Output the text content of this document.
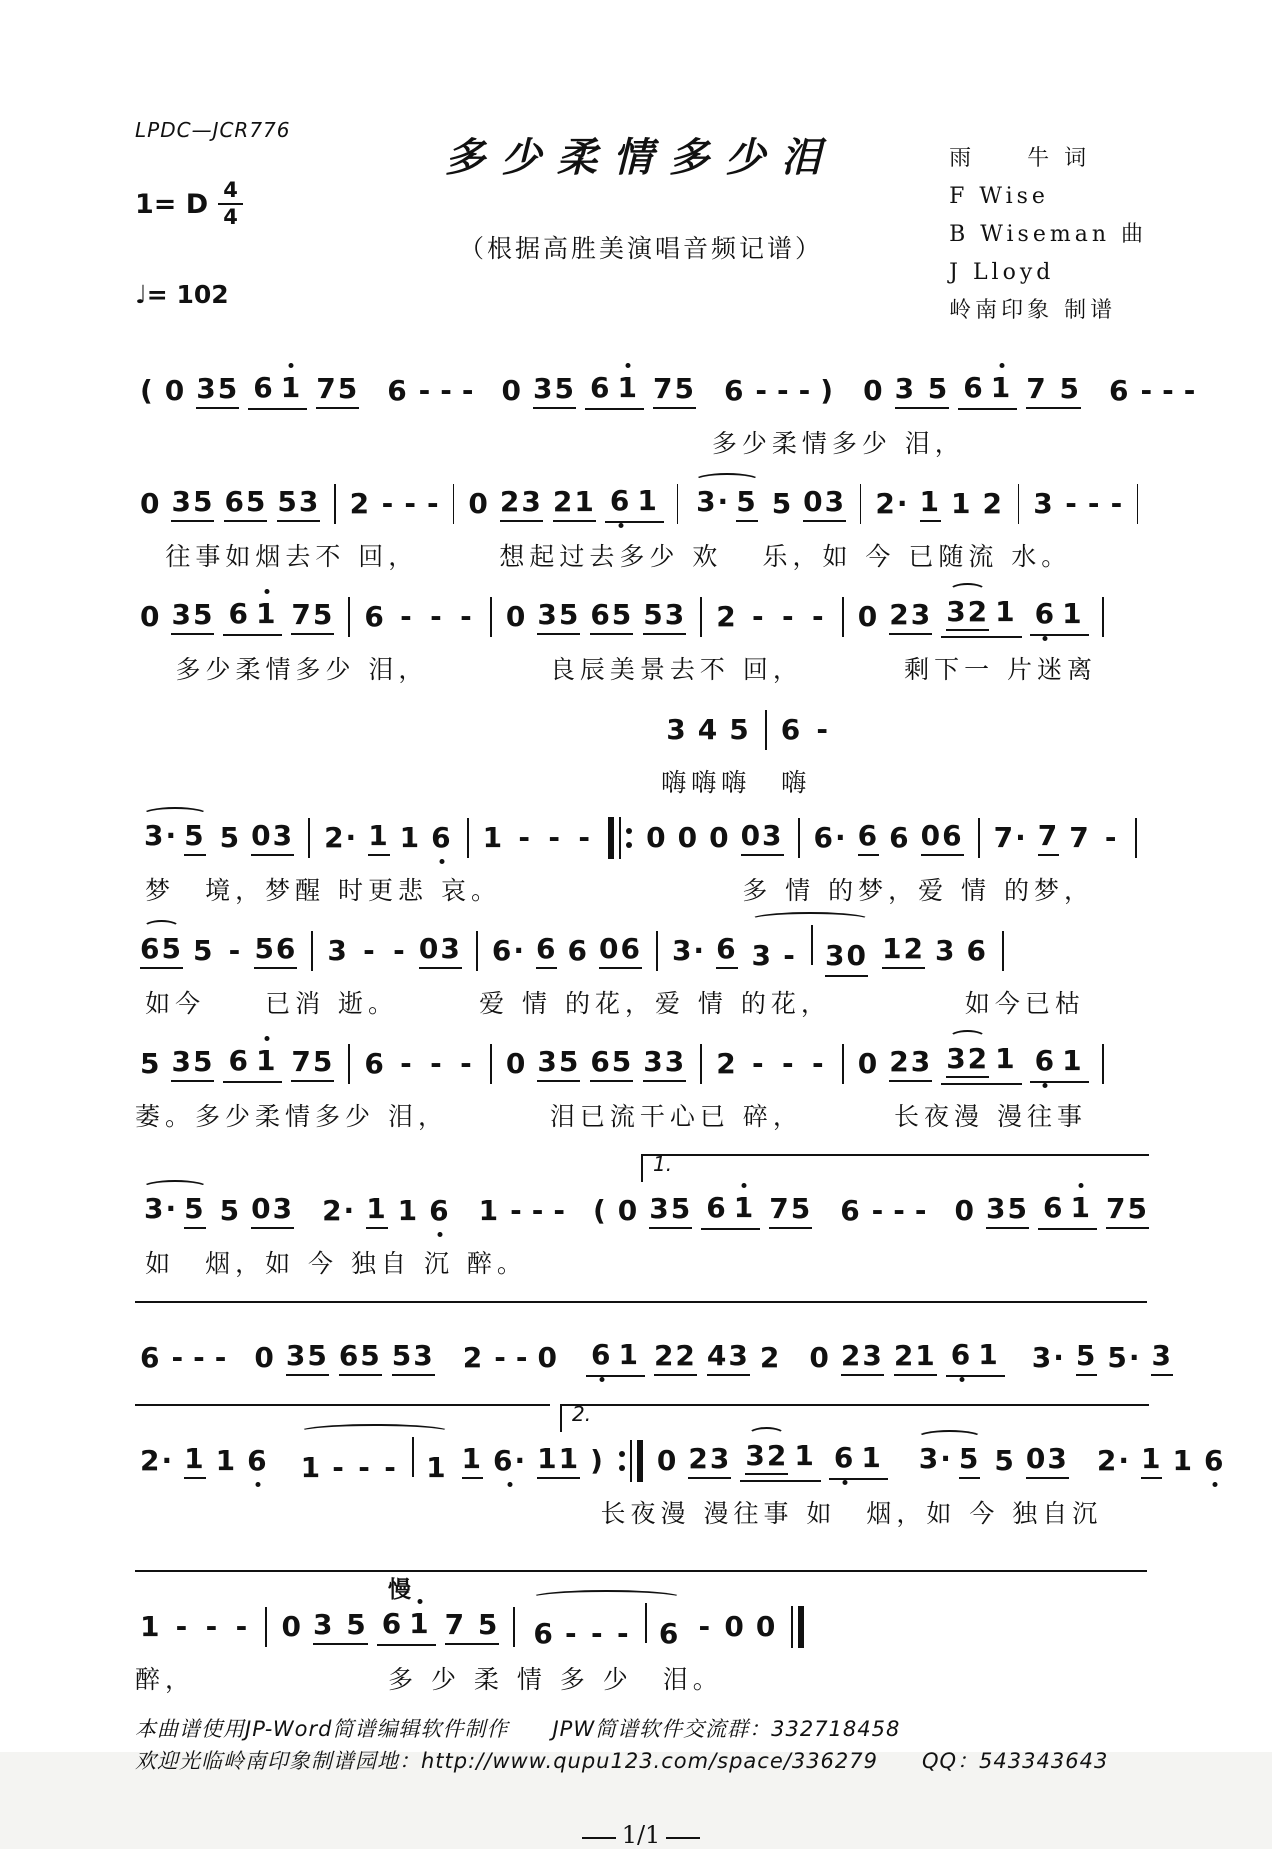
LPDC—JCR776
1= D $\frac{4}{4}$
♩= 102
多少柔情多少泪
（根据高胜美演唱音频记谱）
雨　　牛 词
F Wise
B Wiseman 曲
J Lloyd
岭南印象 制谱
( 0 35 6 1 75 6 - - - 0 35 6 1 75 6 - - - ) 0 3 5 61 7 5 6 - - -
多少柔情多少 泪，
0 35 65 53 2 - - - 0 23 21 6 1 3· 5 5 03 2· 1 1 2 3 - - -
往事如烟去不 回，	想起过去多少 欢 乐，如 今 已随流 水。
0 35 6 1 75 6 - - - 0 35 65 53 2 - - - 0 23 32 1 6 1
多少柔情多少 泪，	良辰美景去不 回，	剩下一 片迷离
3 4 5 6 -
嗨嗨嗨　嗨
3· 5 5 03 2· 1 1 6 1 - - - 0 0 0 03 6· 6 6 06 7· 7 7 -
梦　境，梦醒 时更悲 哀。	多 情 的梦，爱 情 的梦，
65 5 - 56 3 - - 03 6· 6 6 06 3· 6 3 - 30 12 3 6
如今　　已消 逝。	爱 情 的花，爱 情 的花，	如今已枯
5 35 6 1 75 6 - - - 0 35 65 33 2 - - - 0 23 32 1 6 1
萎。多少柔情多少 泪，	泪已流干心已 碎，	长夜漫 漫往事
1.
3· 5 5 03 2· 1 1 6 1 - - - ( 0 35 6 1 75 6 - - - 0 35 6 1 75
如　烟，如 今 独自 沉 醉。
6 - - - 0 35 65 53 2 - - 0 6 1 22 43 2 0 23 21 6 1 3· 5 5· 3
2.
2· 1 1 6 1 - - - 1 1 6· 11 ) 0 23 32 1 6 1 3· 5 5 03 2· 1 1 6
长夜漫 漫往事 如　烟，如 今 独自沉
慢
1 - - - 0 3 5 61 7 5 6 - - - 6 - 0 0
醉，	多 少 柔 情 多 少　泪。
本曲谱使用JP-Word简谱编辑软件制作　　JPW简谱软件交流群：332718458
欢迎光临岭南印象制谱园地：http://www.qupu123.com/space/336279　　QQ：543343643
1/1
